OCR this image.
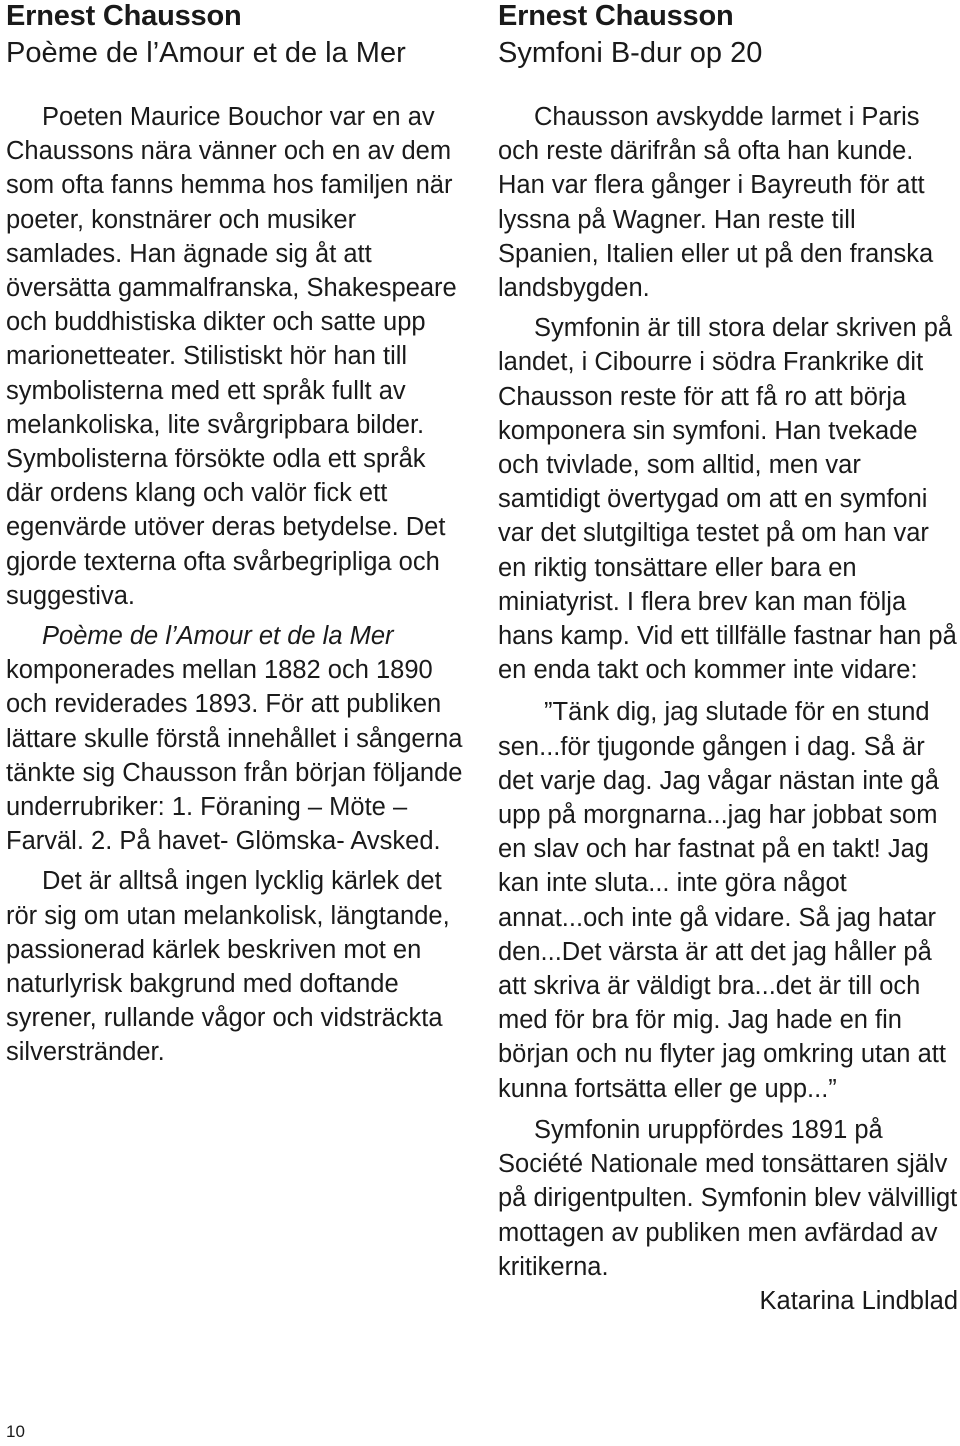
Ernest Chausson
Poème de l’Amour et de la Mer

Poeten Maurice Bouchor var en av Chaussons nära vänner och en av dem som ofta fanns hemma hos familjen när poeter, konstnärer och musiker samlades. Han ägnade sig åt att översätta gammalfranska, Shakespeare och buddhistiska dikter och satte upp marionetteater. Stilistiskt hör han till symbolisterna med ett språk fullt av melankoliska, lite svårgripbara bilder. Symbolisterna försökte odla ett språk där ordens klang och valör fick ett egenvärde utöver deras betydelse. Det gjorde texterna ofta svårbegripliga och suggestiva.

Poème de l’Amour et de la Mer komponerades mellan 1882 och 1890 och reviderades 1893. För att publiken lättare skulle förstå innehållet i sångerna tänkte sig Chausson från början följande underrubriker: 1. Föraning – Möte – Farväl. 2. På havet- Glömska- Avsked.

Det är alltså ingen lycklig kärlek det rör sig om utan melankolisk, längtande, passionerad kärlek beskriven mot en naturlyrisk bakgrund med doftande syrener, rullande vågor och vidsträckta silverstränder.

Ernest Chausson
Symfoni B-dur op 20

Chausson avskydde larmet i Paris och reste därifrån så ofta han kunde. Han var flera gånger i Bayreuth för att lyssna på Wagner. Han reste till Spanien, Italien eller ut på den franska landsbygden.

Symfonin är till stora delar skriven på landet, i Cibourre i södra Frankrike dit Chausson reste för att få ro att börja komponera sin symfoni. Han tvekade och tvivlade, som alltid, men var samtidigt övertygad om att en symfoni var det slutgiltiga testet på om han var en riktig tonsättare eller bara en miniatyrist. I flera brev kan man följa hans kamp. Vid ett tillfälle fastnar han på en enda takt och kommer inte vidare:

”Tänk dig, jag slutade för en stund sen...för tjugonde gången i dag. Så är det varje dag. Jag vågar nästan inte gå upp på morgnarna...jag har jobbat som en slav och har fastnat på en takt! Jag kan inte sluta... inte göra något annat...och inte gå vidare. Så jag hatar den...Det värsta är att det jag håller på att skriva är väldigt bra...det är till och med för bra för mig. Jag hade en fin början och nu flyter jag omkring utan att kunna fortsätta eller ge upp...”

Symfonin uruppfördes 1891 på Société Nationale med tonsättaren själv på dirigentpulten. Symfonin blev välvilligt mottagen av publiken men avfärdad av kritikerna.

Katarina Lindblad

10
